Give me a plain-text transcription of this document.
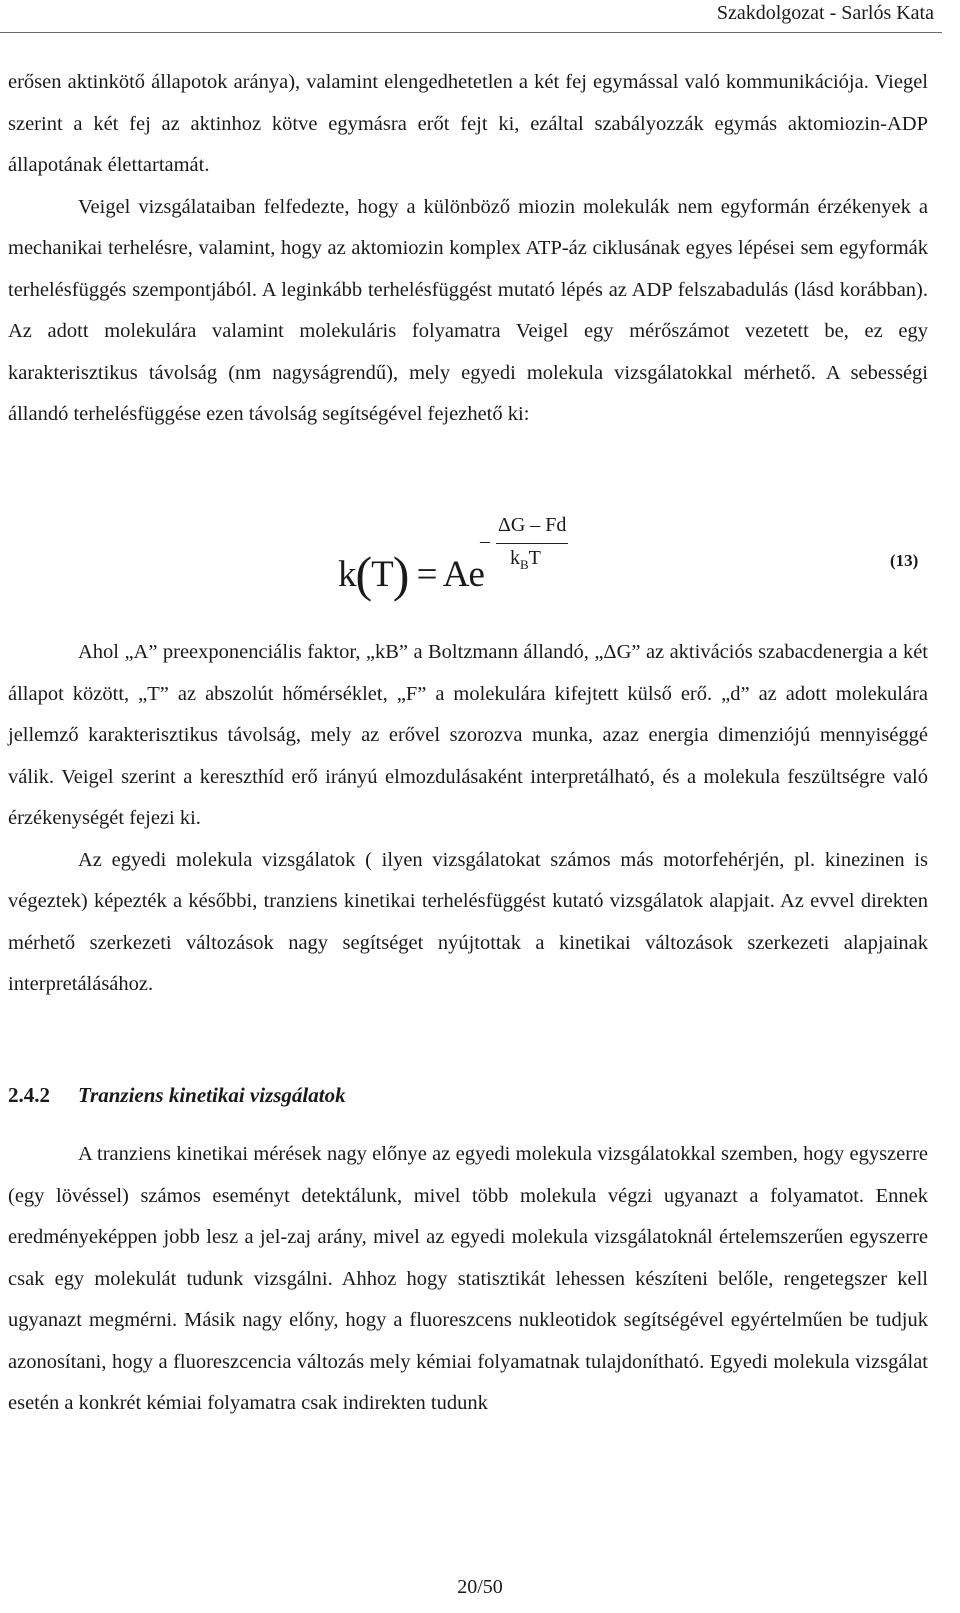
Szakdolgozat - Sarlós Kata

erősen aktinkötő állapotok aránya), valamint elengedhetetlen a két fej egymással való kommunikációja. Viegel szerint a két fej az aktinhoz kötve egymásra erőt fejt ki, ezáltal szabályozzák egymás aktomiozin-ADP állapotának élettartamát.

Veigel vizsgálataiban felfedezte, hogy a különböző miozin molekulák nem egyformán érzékenyek a mechanikai terhelésre, valamint, hogy az aktomiozin komplex ATP-áz ciklusának egyes lépései sem egyformák terhelésfüggés szempontjából. A leginkább terhelésfüggést mutató lépés az ADP felszabadulás (lásd korábban). Az adott molekulára valamint molekuláris folyamatra Veigel egy mérőszámot vezetett be, ez egy karakterisztikus távolság (nm nagyságrendű), mely egyedi molekula vizsgálatokkal mérhető. A sebességi állandó terhelésfüggése ezen távolság segítségével fejezhető ki:

k(T) = Ae
–
ΔG – Fd
$k_BT$	(13)

Ahol „A” preexponenciális faktor, „kB” a Boltzmann állandó, „ΔG” az aktivációs szabacdenergia a két állapot között, „T” az abszolút hőmérséklet, „F” a molekulára kifejtett külső erő. „d” az adott molekulára jellemző karakterisztikus távolság, mely az erővel szorozva munka, azaz energia dimenziójú mennyiséggé válik. Veigel szerint a kereszthíd erő irányú elmozdulásaként interpretálható, és a molekula feszültségre való érzékenységét fejezi ki.

Az egyedi molekula vizsgálatok ( ilyen vizsgálatokat számos más motorfehérjén, pl. kinezinen is végeztek) képezték a későbbi, tranziens kinetikai terhelésfüggést kutató vizsgálatok alapjait. Az evvel direkten mérhető szerkezeti változások nagy segítséget nyújtottak a kinetikai változások szerkezeti alapjainak interpretálásához.

2.4.2 Tranziens kinetikai vizsgálatok

A tranziens kinetikai mérések nagy előnye az egyedi molekula vizsgálatokkal szemben, hogy egyszerre (egy lövéssel) számos eseményt detektálunk, mivel több molekula végzi ugyanazt a folyamatot. Ennek eredményeképpen jobb lesz a jel-zaj arány, mivel az egyedi molekula vizsgálatoknál értelemszerűen egyszerre csak egy molekulát tudunk vizsgálni. Ahhoz hogy statisztikát lehessen készíteni belőle, rengetegszer kell ugyanazt megmérni. Másik nagy előny, hogy a fluoreszcens nukleotidok segítségével egyértelműen be tudjuk azonosítani, hogy a fluoreszcencia változás mely kémiai folyamatnak tulajdonítható. Egyedi molekula vizsgálat esetén a konkrét kémiai folyamatra csak indirekten tudunk

20/50
